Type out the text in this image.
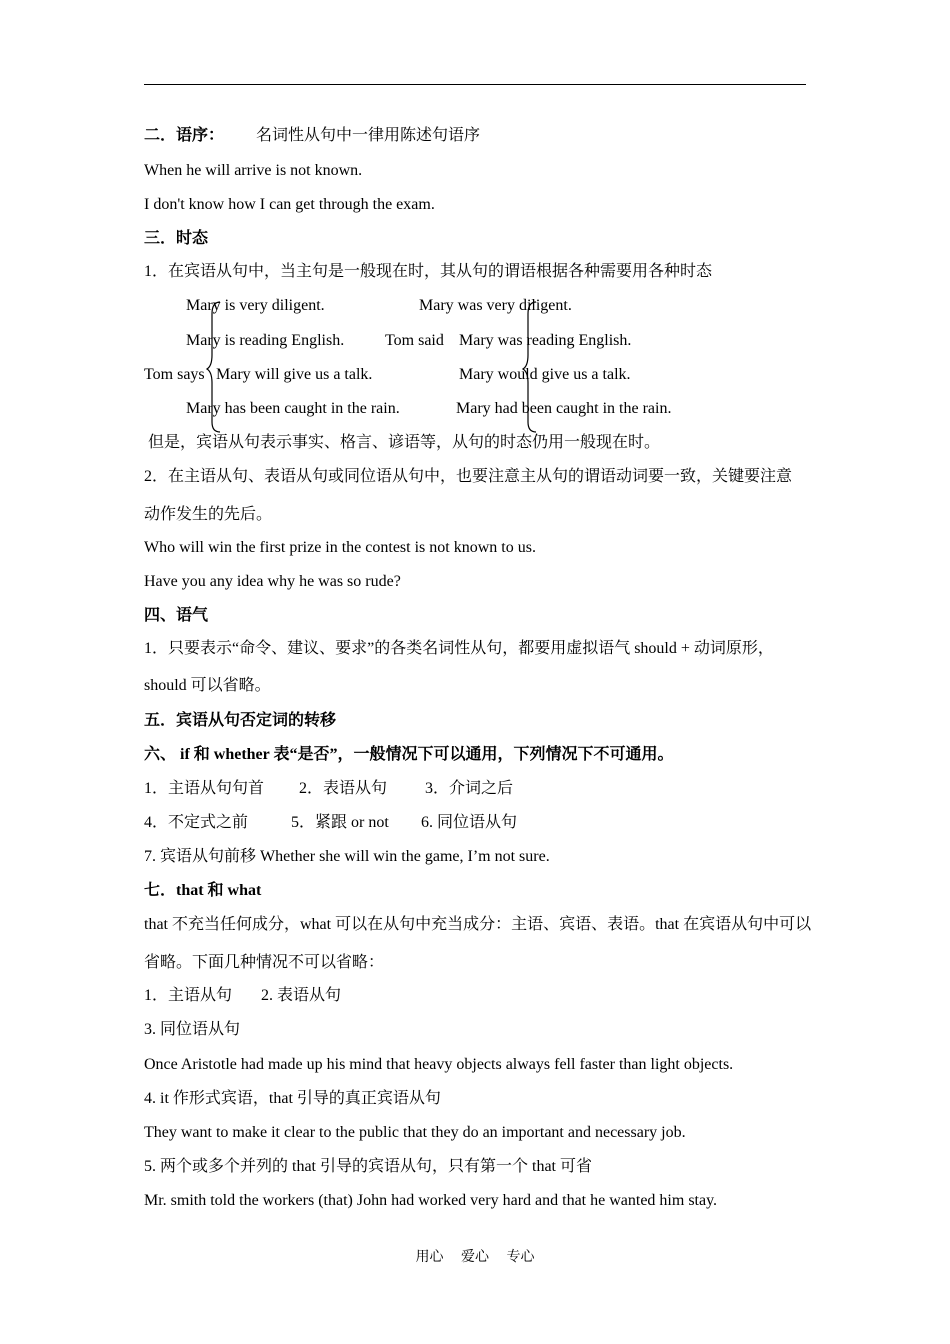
二．语序： 名词性从句中一律用陈述句语序
When he will arrive is not known.
I don't know how I can get through the exam.
三．时态
1．在宾语从句中，当主句是一般现在时，其从句的谓语根据各种需要用各种时态
Mary is very diligent.	Mary was very diligent.
Mary is reading English.	Tom said Mary was reading English.
Tom says Mary will give us a talk.	Mary would give us a talk.
Mary has been caught in the rain.	Mary had been caught in the rain.
但是，宾语从句表示事实、格言、谚语等，从句的时态仍用一般现在时。
2．在主语从句、表语从句或同位语从句中，也要注意主从句的谓语动词要一致，关键要注意
动作发生的先后。
Who will win the first prize in the contest is not known to us.
Have you any idea why he was so rude?
四、语气
1．只要表示“命令、建议、要求”的各类名词性从句，都要用虚拟语气 should + 动词原形，
should 可以省略。
五．宾语从句否定词的转移
六、 if 和 whether 表“是否”，一般情况下可以通用，下列情况下不可通用。
1．主语从句句首 2．表语从句 3．介词之后
4．不定式之前	5．紧跟 or not 6. 同位语从句
7. 宾语从句前移 Whether she will win the game, I’m not sure.
七．that 和 what
that 不充当任何成分，what 可以在从句中充当成分：主语、宾语、表语。that 在宾语从句中可以
省略。下面几种情况不可以省略：
1．主语从句 2. 表语从句
3. 同位语从句
Once Aristotle had made up his mind that heavy objects always fell faster than light objects.
4. it 作形式宾语，that 引导的真正宾语从句
They want to make it clear to the public that they do an important and necessary job.
5. 两个或多个并列的 that 引导的宾语从句，只有第一个 that 可省
Mr. smith told the workers (that) John had worked very hard and that he wanted him stay.
用心 爱心 专心
